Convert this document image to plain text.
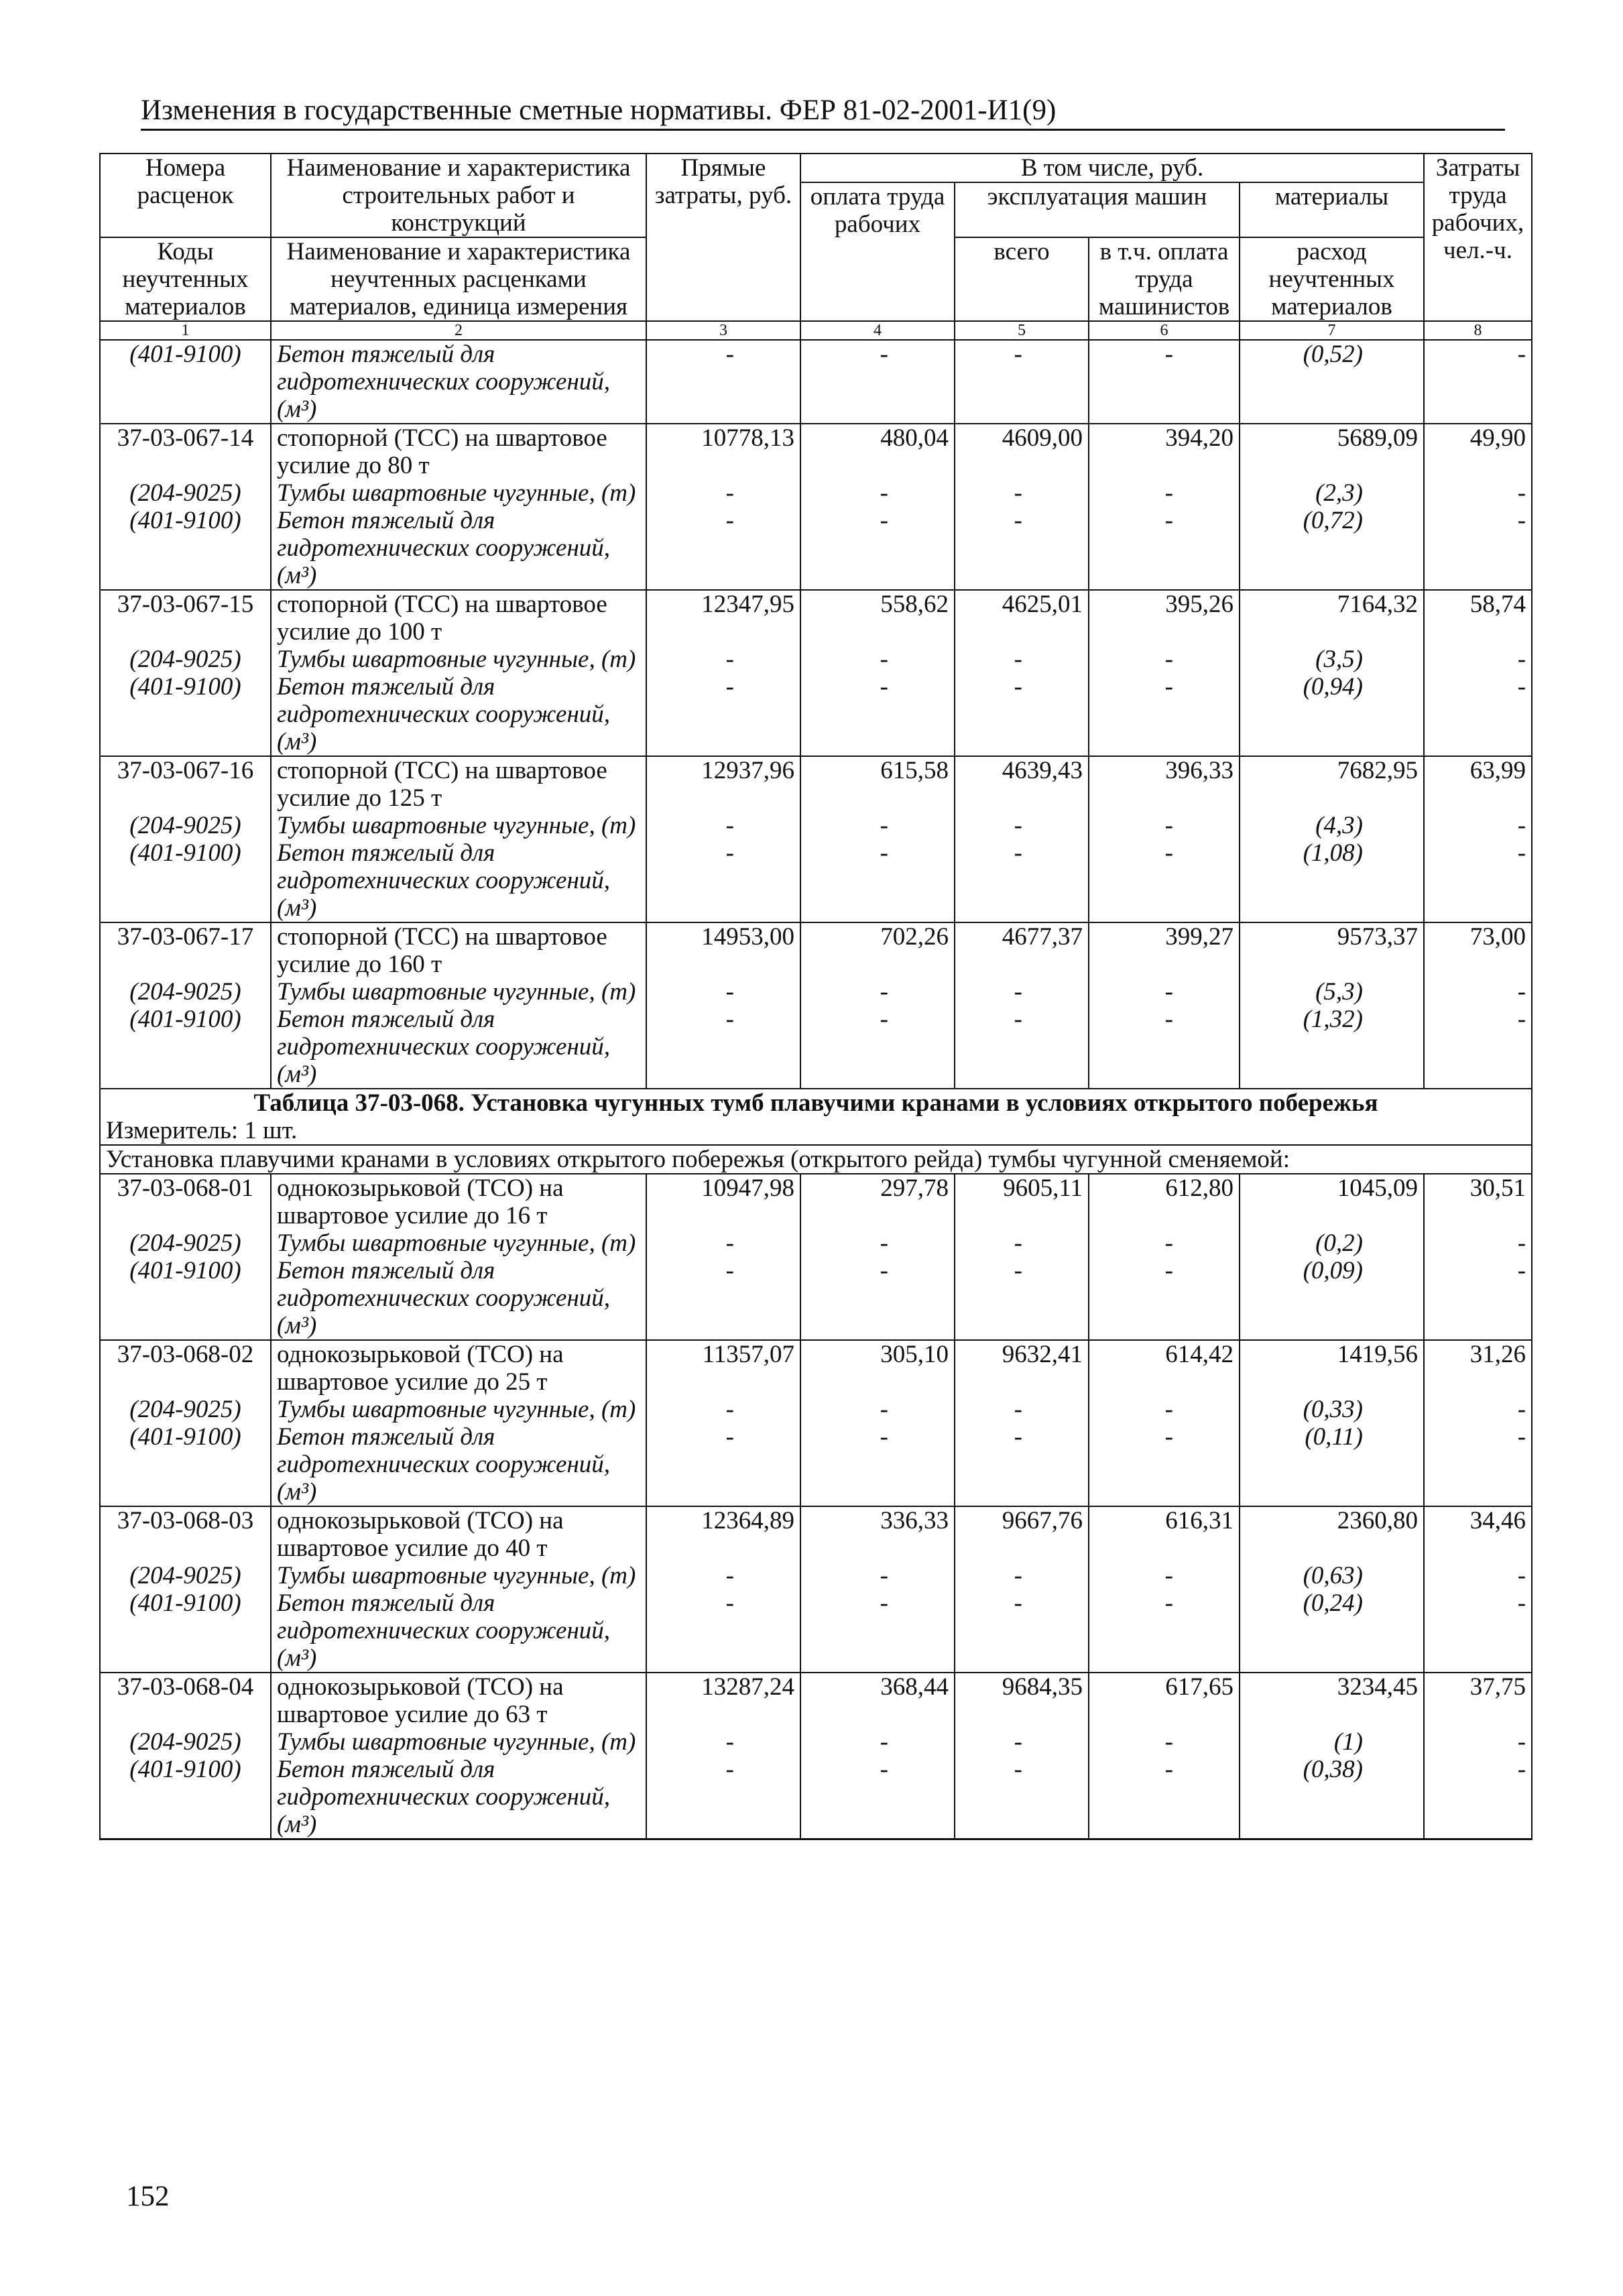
Изменения в государственные сметные нормативы. ФЕР 81-02-2001-И1(9)
Номера расценок	Наименование и характеристика строительных работ и конструкций	Прямые затраты, руб.	В том числе, руб.				Затраты труда рабочих, чел.-ч.
			оплата труда рабочих	эксплуатация машин		материалы	
Коды неучтенных материалов	Наименование и характеристика неучтенных расценками материалов, единица измерения			всего	в т.ч. оплата труда машинистов	расход неучтенных материалов	

1	2	3	4	5	6	7	8
(401-9100)	Бетон тяжелый для гидротехнических сооружений, (м³)	-	-	-	-	(0,52)	-
37-03-067-14	стопорной (ТСС) на швартовое усилие до 80 т	10778,13	480,04	4609,00	394,20	5689,09	49,90
(204-9025)	Тумбы швартовные чугунные, (т)	-	-	-	-	(2,3)	-
(401-9100)	Бетон тяжелый для гидротехнических сооружений, (м³)	-	-	-	-	(0,72)	-
37-03-067-15	стопорной (ТСС) на швартовое усилие до 100 т	12347,95	558,62	4625,01	395,26	7164,32	58,74
(204-9025)	Тумбы швартовные чугунные, (т)	-	-	-	-	(3,5)	-
(401-9100)	Бетон тяжелый для гидротехнических сооружений, (м³)	-	-	-	-	(0,94)	-
37-03-067-16	стопорной (ТСС) на швартовое усилие до 125 т	12937,96	615,58	4639,43	396,33	7682,95	63,99
(204-9025)	Тумбы швартовные чугунные, (т)	-	-	-	-	(4,3)	-
(401-9100)	Бетон тяжелый для гидротехнических сооружений, (м³)	-	-	-	-	(1,08)	-
37-03-067-17	стопорной (ТСС) на швартовое усилие до 160 т	14953,00	702,26	4677,37	399,27	9573,37	73,00
(204-9025)	Тумбы швартовные чугунные, (т)	-	-	-	-	(5,3)	-
(401-9100)	Бетон тяжелый для гидротехнических сооружений, (м³)	-	-	-	-	(1,32)	-
Таблица 37-03-068. Установка чугунных тумб плавучими кранами в условиях открытого побережья							
Измеритель: 1 шт.							
Установка плавучими кранами в условиях открытого побережья (открытого рейда) тумбы чугунной сменяемой:							
37-03-068-01	однокозырьковой (ТСО) на швартовое усилие до 16 т	10947,98	297,78	9605,11	612,80	1045,09	30,51
(204-9025)	Тумбы швартовные чугунные, (т)	-	-	-	-	(0,2)	-
(401-9100)	Бетон тяжелый для гидротехнических сооружений, (м³)	-	-	-	-	(0,09)	-
37-03-068-02	однокозырьковой (ТСО) на швартовое усилие до 25 т	11357,07	305,10	9632,41	614,42	1419,56	31,26
(204-9025)	Тумбы швартовные чугунные, (т)	-	-	-	-	(0,33)	-
(401-9100)	Бетон тяжелый для гидротехнических сооружений, (м³)	-	-	-	-	(0,11)	-
37-03-068-03	однокозырьковой (ТСО) на швартовое усилие до 40 т	12364,89	336,33	9667,76	616,31	2360,80	34,46
(204-9025)	Тумбы швартовные чугунные, (т)	-	-	-	-	(0,63)	-
(401-9100)	Бетон тяжелый для гидротехнических сооружений, (м³)	-	-	-	-	(0,24)	-
37-03-068-04	однокозырьковой (ТСО) на швартовое усилие до 63 т	13287,24	368,44	9684,35	617,65	3234,45	37,75
(204-9025)	Тумбы швартовные чугунные, (т)	-	-	-	-	(1)	-
(401-9100)	Бетон тяжелый для гидротехнических сооружений, (м³)	-	-	-	-	(0,38)	-
152
